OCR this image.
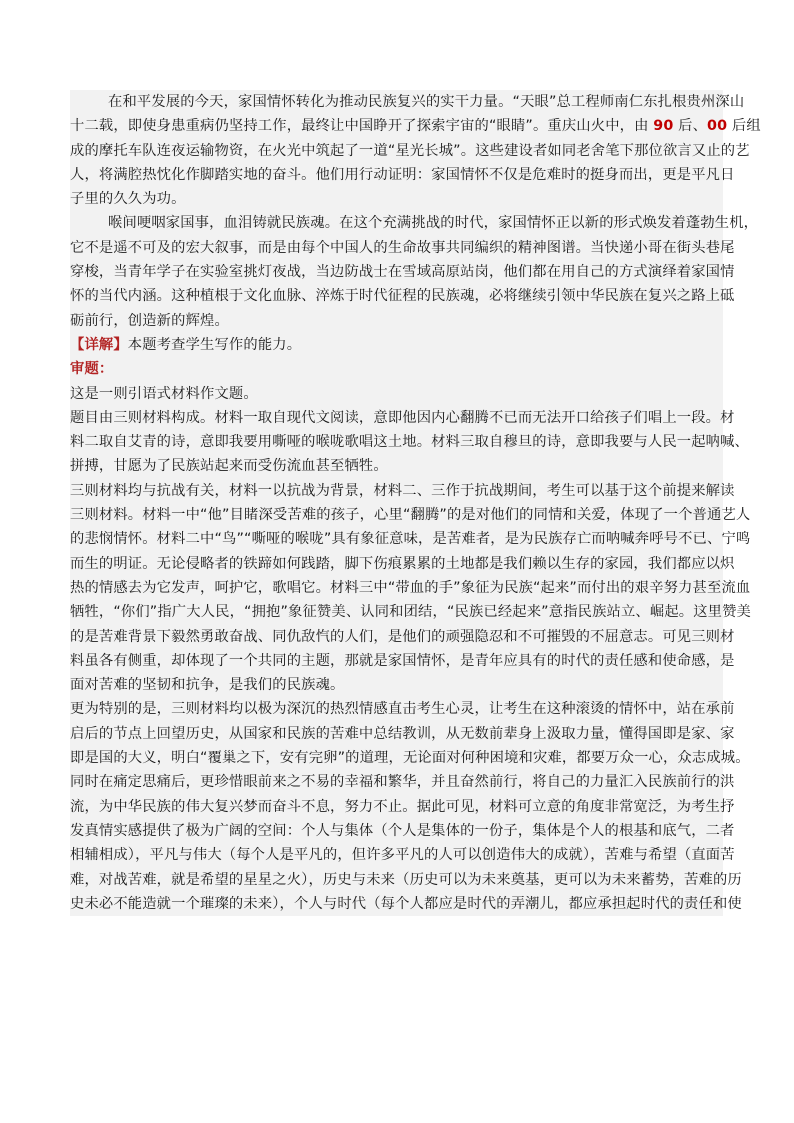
在和平发展的今天，家国情怀转化为推动民族复兴的实干力量。“天眼”总工程师南仁东扎根贵州深山
十二载，即使身患重病仍坚持工作，最终让中国睁开了探索宇宙的“眼睛”。重庆山火中，由 90 后、00 后组
成的摩托车队连夜运输物资，在火光中筑起了一道“星光长城”。这些建设者如同老舍笔下那位欲言又止的艺
人，将满腔热忱化作脚踏实地的奋斗。他们用行动证明：家国情怀不仅是危难时的挺身而出，更是平凡日
子里的久久为功。
喉间哽咽家国事，血泪铸就民族魂。在这个充满挑战的时代，家国情怀正以新的形式焕发着蓬勃生机，
它不是遥不可及的宏大叙事，而是由每个中国人的生命故事共同编织的精神图谱。当快递小哥在街头巷尾
穿梭，当青年学子在实验室挑灯夜战，当边防战士在雪域高原站岗，他们都在用自己的方式演绎着家国情
怀的当代内涵。这种植根于文化血脉、淬炼于时代征程的民族魂，必将继续引领中华民族在复兴之路上砥
砺前行，创造新的辉煌。
【详解】本题考查学生写作的能力。
审题：
这是一则引语式材料作文题。
题目由三则材料构成。材料一取自现代文阅读，意即他因内心翻腾不已而无法开口给孩子们唱上一段。材
料二取自艾青的诗，意即我要用嘶哑的喉咙歌唱这土地。材料三取自穆旦的诗，意即我要与人民一起呐喊、
拼搏，甘愿为了民族站起来而受伤流血甚至牺牲。
三则材料均与抗战有关，材料一以抗战为背景，材料二、三作于抗战期间，考生可以基于这个前提来解读
三则材料。材料一中“他”目睹深受苦难的孩子，心里“翻腾”的是对他们的同情和关爱，体现了一个普通艺人
的悲悯情怀。材料二中“鸟”“嘶哑的喉咙”具有象征意味，是苦难者，是为民族存亡而呐喊奔呼号不已、宁鸣
而生的明证。无论侵略者的铁蹄如何践踏，脚下伤痕累累的土地都是我们赖以生存的家园，我们都应以炽
热的情感去为它发声，呵护它，歌唱它。材料三中“带血的手”象征为民族“起来”而付出的艰辛努力甚至流血
牺牲，“你们”指广大人民，“拥抱”象征赞美、认同和团结，“民族已经起来”意指民族站立、崛起。这里赞美
的是苦难背景下毅然勇敢奋战、同仇敌忾的人们，是他们的顽强隐忍和不可摧毁的不屈意志。可见三则材
料虽各有侧重，却体现了一个共同的主题，那就是家国情怀，是青年应具有的时代的责任感和使命感，是
面对苦难的坚韧和抗争，是我们的民族魂。
更为特别的是，三则材料均以极为深沉的热烈情感直击考生心灵，让考生在这种滚烫的情怀中，站在承前
启后的节点上回望历史，从国家和民族的苦难中总结教训，从无数前辈身上汲取力量，懂得国即是家、家
即是国的大义，明白“覆巢之下，安有完卵”的道理，无论面对何种困境和灾难，都要万众一心，众志成城。
同时在痛定思痛后，更珍惜眼前来之不易的幸福和繁华，并且奋然前行，将自己的力量汇入民族前行的洪
流，为中华民族的伟大复兴梦而奋斗不息，努力不止。据此可见，材料可立意的角度非常宽泛，为考生抒
发真情实感提供了极为广阔的空间：个人与集体（个人是集体的一份子，集体是个人的根基和底气，二者
相辅相成），平凡与伟大（每个人是平凡的，但许多平凡的人可以创造伟大的成就），苦难与希望（直面苦
难，对战苦难，就是希望的星星之火），历史与未来（历史可以为未来奠基，更可以为未来蓄势，苦难的历
史未必不能造就一个璀璨的未来），个人与时代（每个人都应是时代的弄潮儿，都应承担起时代的责任和使
